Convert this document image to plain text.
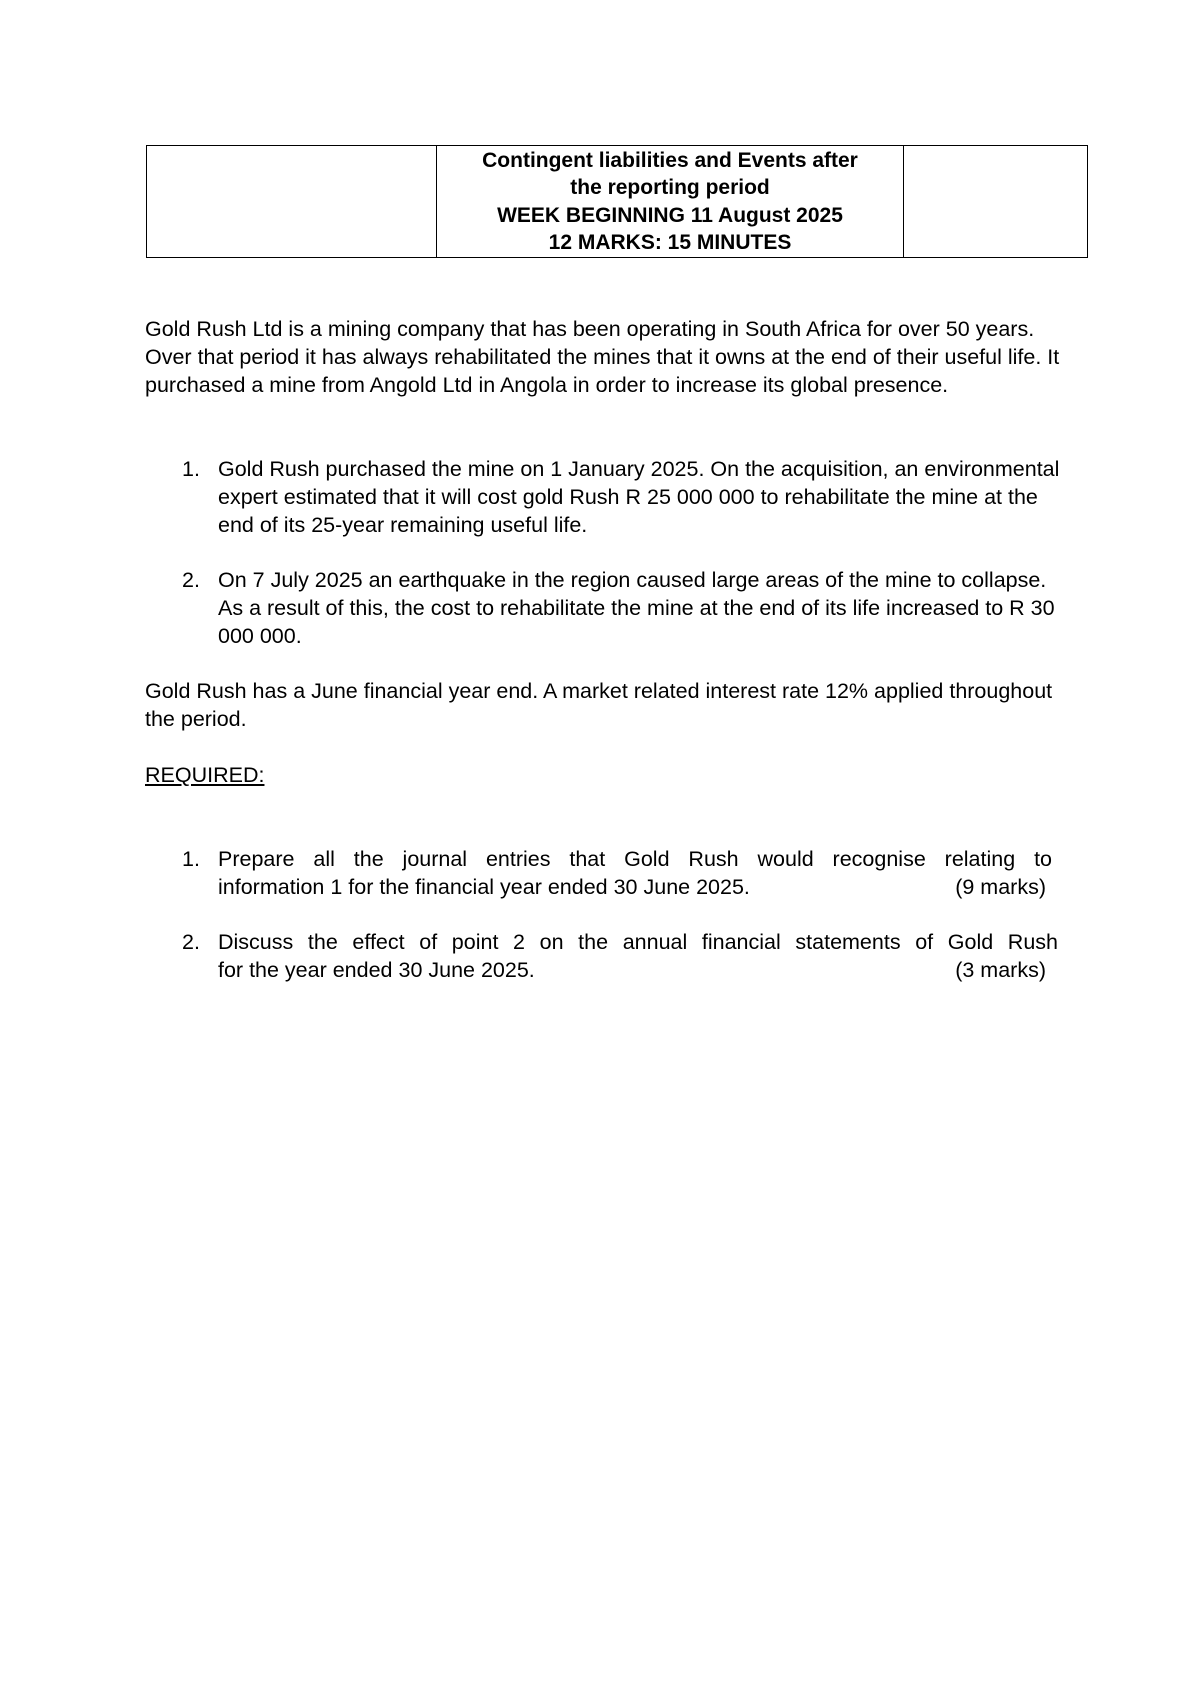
Contingent liabilities and Events after
the reporting period
WEEK BEGINNING 11 August 2025
12 MARKS: 15 MINUTES

Gold Rush Ltd is a mining company that has been operating in South Africa for over 50 years. Over that period it has always rehabilitated the mines that it owns at the end of their useful life. It purchased a mine from Angold Ltd in Angola in order to increase its global presence.
1. Gold Rush purchased the mine on 1 January 2025. On the acquisition, an environmental expert estimated that it will cost gold Rush R 25 000 000 to rehabilitate the mine at the end of its 25-year remaining useful life.
2. On 7 July 2025 an earthquake in the region caused large areas of the mine to collapse. As a result of this, the cost to rehabilitate the mine at the end of its life increased to R 30 000 000.
Gold Rush has a June financial year end. A market related interest rate 12% applied throughout the period.
REQUIRED:
1. Prepare all the journal entries that Gold Rush would recognise relating to
information 1 for the financial year ended 30 June 2025.	(9 marks)
2. Discuss the effect of point 2 on the annual financial statements of Gold Rush
for the year ended 30 June 2025.	(3 marks)
